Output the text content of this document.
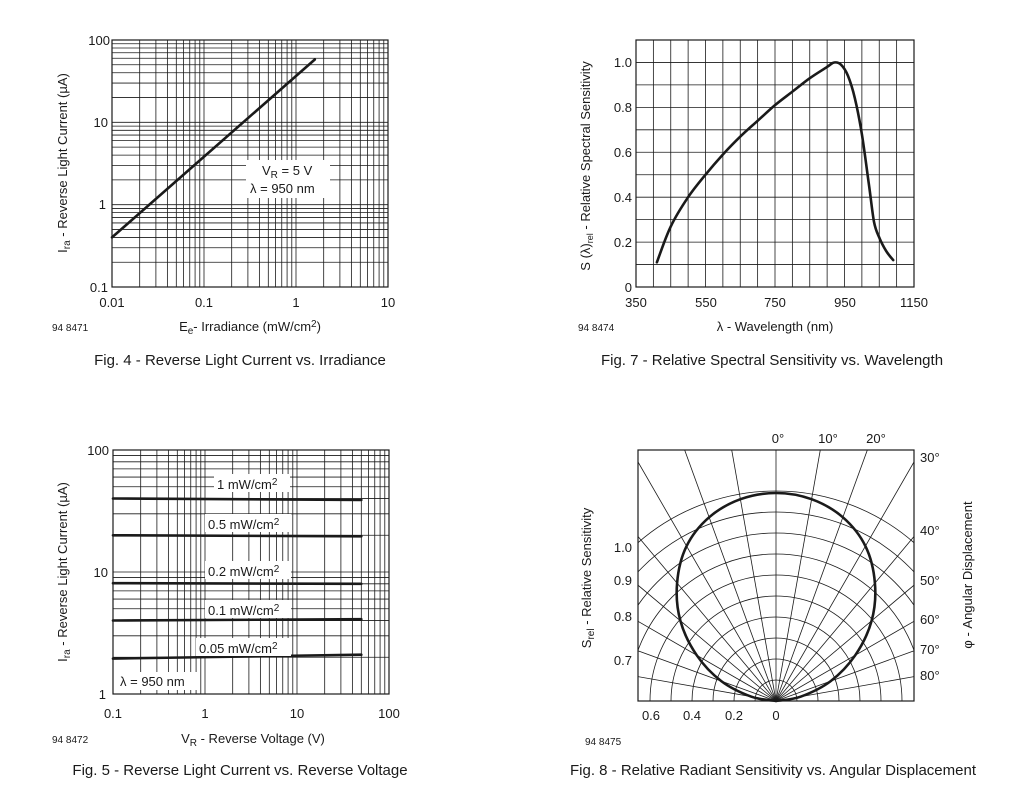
$V_R = 5$ V
λ = 950 nm
100
10
1
0.1
0.01	0.1	1	10
$E_e-$ Irradiance $(mW/cm^2)$
$I_{ra}$ - Reverse Light Current (µA)
94 8471
Fig. 4 - Reverse Light Current vs. Irradiance
0
0.2
0.4
0.6
0.8
1.0
350	550	750	950	1150
λ - Wavelength (nm)
S $(\lambda)_{rel}$ - Relative Spectral Sensitivity
94 8474
Fig. 7 - Relative Spectral Sensitivity vs. Wavelength
1 $mW/cm^2$
0.5 $mW/cm^2$
0.2 $mW/cm^2$
0.1 $mW/cm^2$
0.05 $mW/cm^2$
λ = 950 nm
100
10
1
0.1	1	10	100
$V_R$ - Reverse Voltage (V)
$I_{ra}$ - Reverse Light Current (µA)
94 8472
Fig. 5 - Reverse Light Current vs. Reverse Voltage
0°	10° 20°
30°
40°
50°
60°
70°
80°
1.0
0.9
0.8
0.7
0.6 0.4 0.2 0
$S_{rel}$ - Relative Sensitivity	φ - Angular Displacement
94 8475
Fig. 8 - Relative Radiant Sensitivity vs. Angular Displacement
